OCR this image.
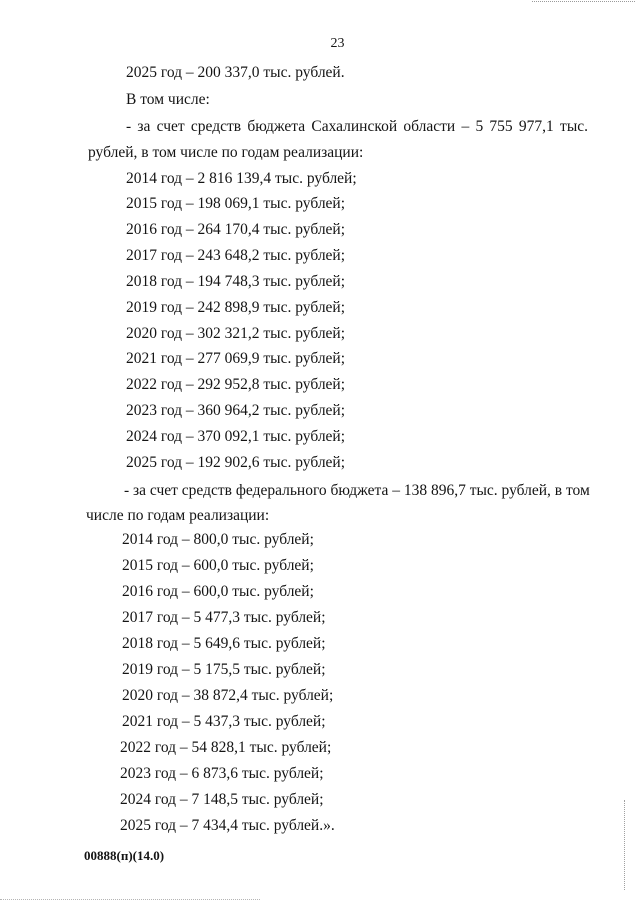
23
2025 год – 200 337,0 тыс. рублей.
В том числе:
- за счет средств бюджета Сахалинской области – 5 755 977,1 тыс.
рублей, в том числе по годам реализации:
2014 год – 2 816 139,4 тыс. рублей;
2015 год – 198 069,1 тыс. рублей;
2016 год – 264 170,4 тыс. рублей;
2017 год – 243 648,2 тыс. рублей;
2018 год – 194 748,3 тыс. рублей;
2019 год – 242 898,9 тыс. рублей;
2020 год – 302 321,2 тыс. рублей;
2021 год – 277 069,9 тыс. рублей;
2022 год – 292 952,8 тыс. рублей;
2023 год – 360 964,2 тыс. рублей;
2024 год – 370 092,1 тыс. рублей;
2025 год – 192 902,6 тыс. рублей;
- за счет средств федерального бюджета – 138 896,7 тыс. рублей, в том
числе по годам реализации:
2014 год – 800,0 тыс. рублей;
2015 год – 600,0 тыс. рублей;
2016 год – 600,0 тыс. рублей;
2017 год – 5 477,3 тыс. рублей;
2018 год – 5 649,6 тыс. рублей;
2019 год – 5 175,5 тыс. рублей;
2020 год – 38 872,4 тыс. рублей;
2021 год – 5 437,3 тыс. рублей;
2022 год – 54 828,1 тыс. рублей;
2023 год – 6 873,6 тыс. рублей;
2024 год – 7 148,5 тыс. рублей;
2025 год – 7 434,4 тыс. рублей.».
00888(п)(14.0)
